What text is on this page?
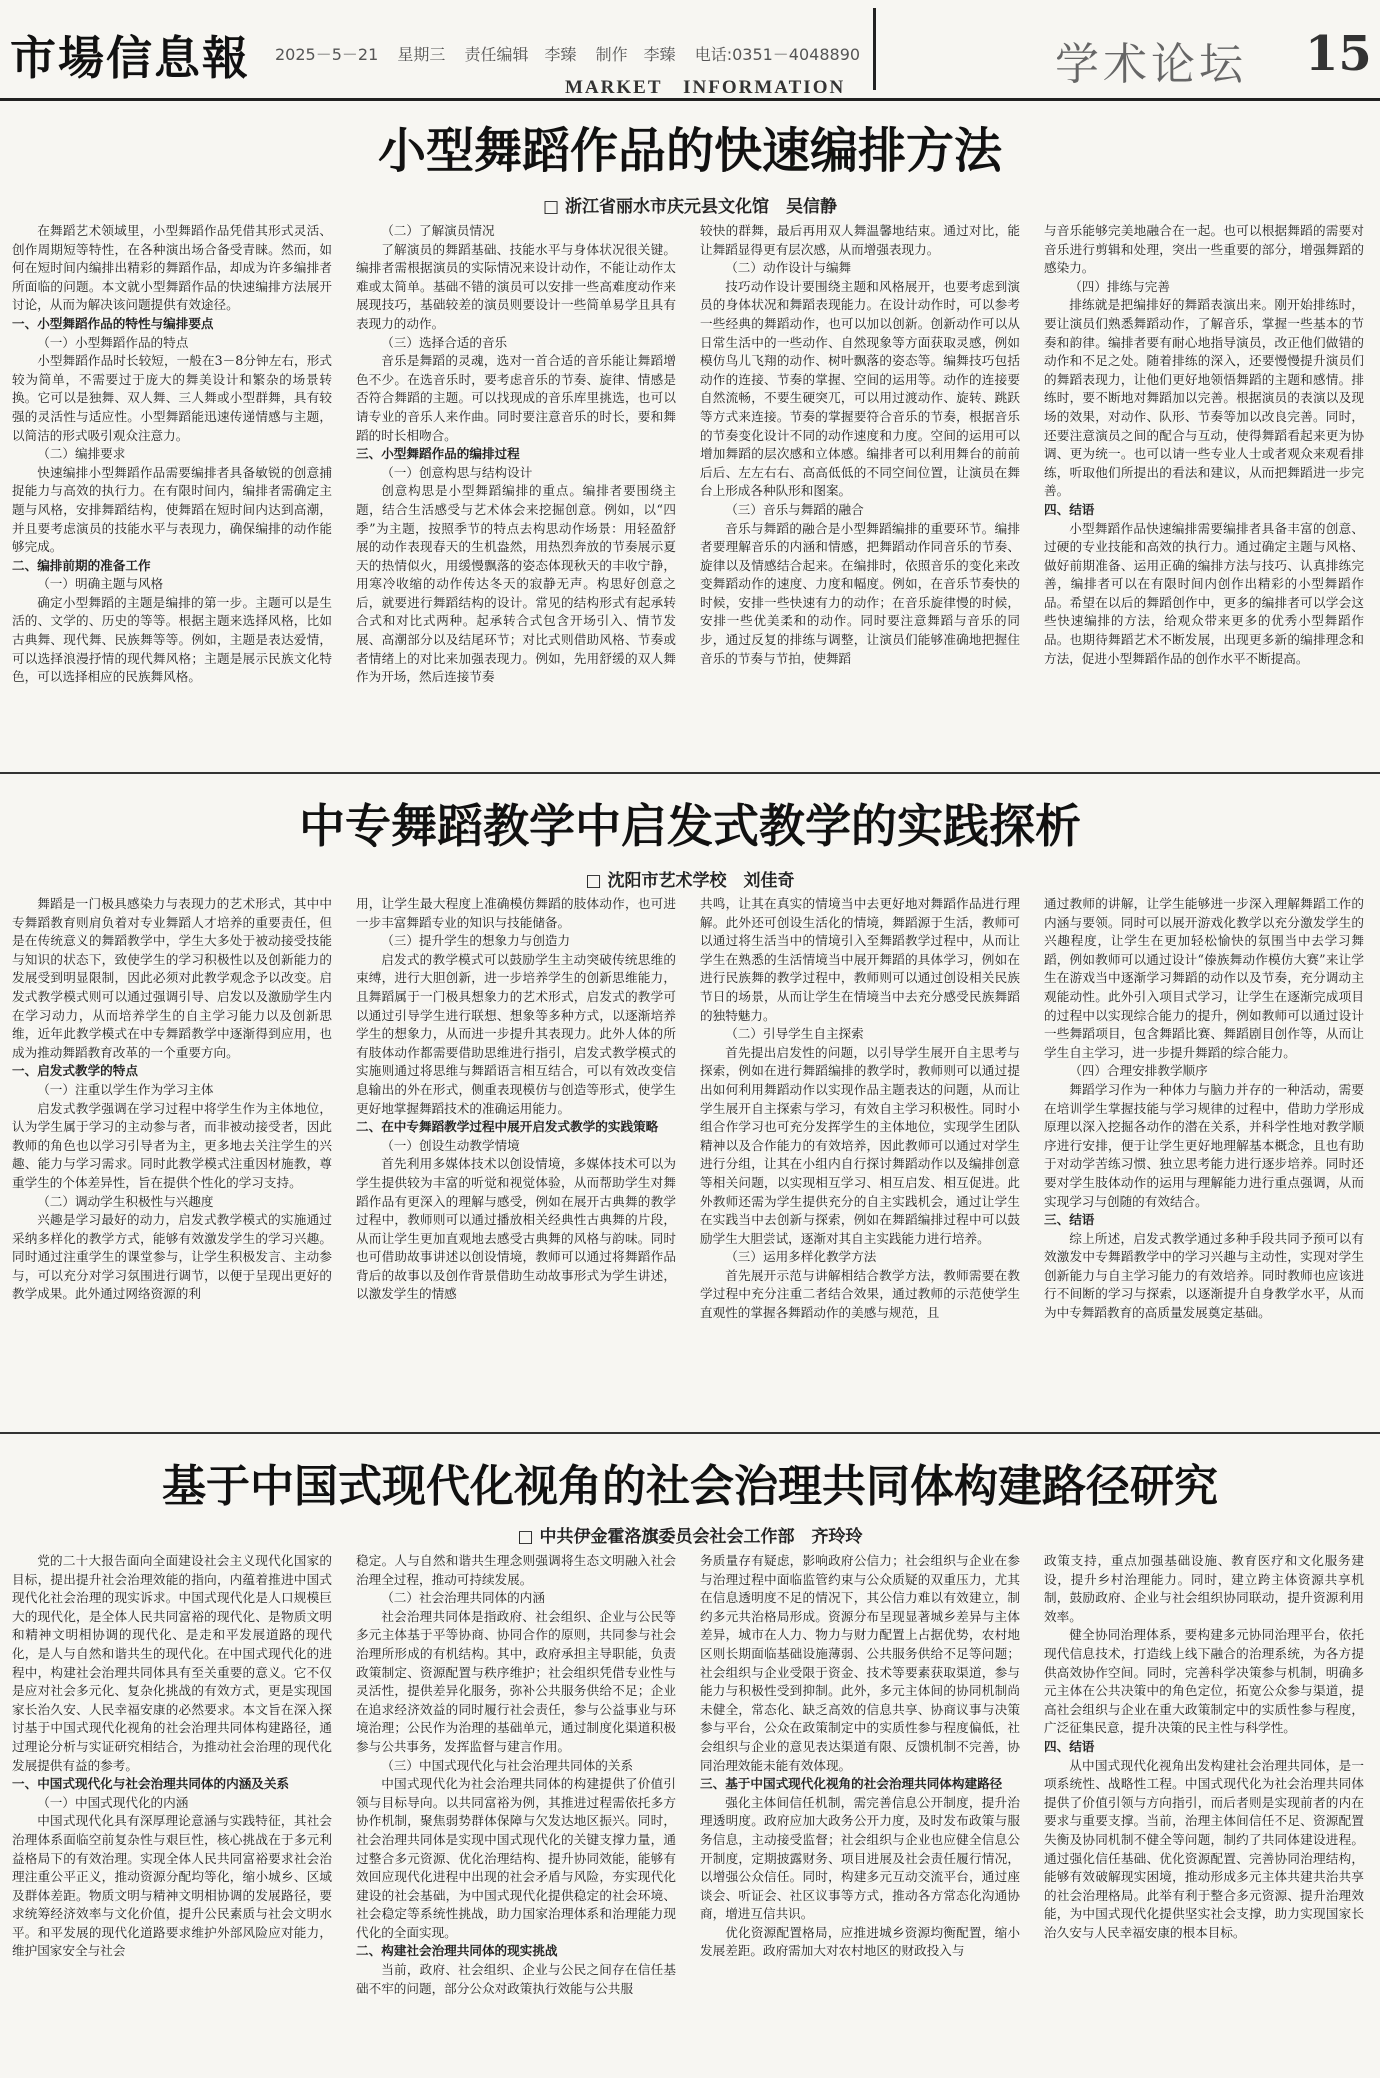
市場信息報 2025－5－21 星期三 责任编辑　李臻 制作　李臻 电话:0351－4048890
MARKET　INFORMATION	学术论坛 15
小型舞蹈作品的快速编排方法
□ 浙江省丽水市庆元县文化馆　吴信静

在舞蹈艺术领域里，小型舞蹈作品凭借其形式灵活、创作周期短等特性，在各种演出场合备受青睐。然而，如何在短时间内编排出精彩的舞蹈作品，却成为许多编排者所面临的问题。本文就小型舞蹈作品的快速编排方法展开讨论，从而为解决该问题提供有效途径。

一、小型舞蹈作品的特性与编排要点
（一）小型舞蹈作品的特点

小型舞蹈作品时长较短，一般在3－8分钟左右，形式较为简单，不需要过于庞大的舞美设计和繁杂的场景转换。它可以是独舞、双人舞、三人舞或小型群舞，具有较强的灵活性与适应性。小型舞蹈能迅速传递情感与主题，以简洁的形式吸引观众注意力。

（二）编排要求

快速编排小型舞蹈作品需要编排者具备敏锐的创意捕捉能力与高效的执行力。在有限时间内，编排者需确定主题与风格，安排舞蹈结构，使舞蹈在短时间内达到高潮，并且要考虑演员的技能水平与表现力，确保编排的动作能够完成。

二、编排前期的准备工作
（一）明确主题与风格

确定小型舞蹈的主题是编排的第一步。主题可以是生活的、文学的、历史的等等。根据主题来选择风格，比如古典舞、现代舞、民族舞等等。例如，主题是表达爱情，可以选择浪漫抒情的现代舞风格；主题是展示民族文化特色，可以选择相应的民族舞风格。

（二）了解演员情况

了解演员的舞蹈基础、技能水平与身体状况很关键。编排者需根据演员的实际情况来设计动作，不能让动作太难或太简单。基础不错的演员可以安排一些高难度动作来展现技巧，基础较差的演员则要设计一些简单易学且具有表现力的动作。

（三）选择合适的音乐

音乐是舞蹈的灵魂，选对一首合适的音乐能让舞蹈增色不少。在选音乐时，要考虑音乐的节奏、旋律、情感是否符合舞蹈的主题。可以找现成的音乐库里挑选，也可以请专业的音乐人来作曲。同时要注意音乐的时长，要和舞蹈的时长相吻合。

三、小型舞蹈作品的编排过程
（一）创意构思与结构设计

创意构思是小型舞蹈编排的重点。编排者要围绕主题，结合生活感受与艺术体会来挖掘创意。例如，以“四季”为主题，按照季节的特点去构思动作场景：用轻盈舒展的动作表现春天的生机盎然，用热烈奔放的节奏展示夏天的热情似火，用缓慢飘落的姿态体现秋天的丰收宁静，用寒冷收缩的动作传达冬天的寂静无声。构思好创意之后，就要进行舞蹈结构的设计。常见的结构形式有起承转合式和对比式两种。起承转合式包含开场引入、情节发展、高潮部分以及结尾环节；对比式则借助风格、节奏或者情绪上的对比来加强表现力。例如，先用舒缓的双人舞作为开场，然后连接节奏

较快的群舞，最后再用双人舞温馨地结束。通过对比，能让舞蹈显得更有层次感，从而增强表现力。

（二）动作设计与编舞

技巧动作设计要围绕主题和风格展开，也要考虑到演员的身体状况和舞蹈表现能力。在设计动作时，可以参考一些经典的舞蹈动作，也可以加以创新。创新动作可以从日常生活中的一些动作、自然现象等方面获取灵感，例如模仿鸟儿飞翔的动作、树叶飘落的姿态等。编舞技巧包括动作的连接、节奏的掌握、空间的运用等。动作的连接要自然流畅，不要生硬突兀，可以用过渡动作、旋转、跳跃等方式来连接。节奏的掌握要符合音乐的节奏，根据音乐的节奏变化设计不同的动作速度和力度。空间的运用可以增加舞蹈的层次感和立体感。编排者可以利用舞台的前前后后、左左右右、高高低低的不同空间位置，让演员在舞台上形成各种队形和图案。

（三）音乐与舞蹈的融合

音乐与舞蹈的融合是小型舞蹈编排的重要环节。编排者要理解音乐的内涵和情感，把舞蹈动作同音乐的节奏、旋律以及情感结合起来。在编排时，依照音乐的变化来改变舞蹈动作的速度、力度和幅度。例如，在音乐节奏快的时候，安排一些快速有力的动作；在音乐旋律慢的时候，安排一些优美柔和的动作。同时要注意舞蹈与音乐的同步，通过反复的排练与调整，让演员们能够准确地把握住音乐的节奏与节拍，使舞蹈

与音乐能够完美地融合在一起。也可以根据舞蹈的需要对音乐进行剪辑和处理，突出一些重要的部分，增强舞蹈的感染力。

（四）排练与完善

排练就是把编排好的舞蹈表演出来。刚开始排练时，要让演员们熟悉舞蹈动作，了解音乐，掌握一些基本的节奏和韵律。编排者要有耐心地指导演员，改正他们做错的动作和不足之处。随着排练的深入，还要慢慢提升演员们的舞蹈表现力，让他们更好地领悟舞蹈的主题和感情。排练时，要不断地对舞蹈加以完善。根据演员的表演以及现场的效果，对动作、队形、节奏等加以改良完善。同时，还要注意演员之间的配合与互动，使得舞蹈看起来更为协调、更为统一。也可以请一些专业人士或者观众来观看排练，听取他们所提出的看法和建议，从而把舞蹈进一步完善。

四、结语

小型舞蹈作品快速编排需要编排者具备丰富的创意、过硬的专业技能和高效的执行力。通过确定主题与风格、做好前期准备、运用正确的编排方法与技巧、认真排练完善，编排者可以在有限时间内创作出精彩的小型舞蹈作品。希望在以后的舞蹈创作中，更多的编排者可以学会这些快速编排的方法，给观众带来更多的优秀小型舞蹈作品。也期待舞蹈艺术不断发展，出现更多新的编排理念和方法，促进小型舞蹈作品的创作水平不断提高。

中专舞蹈教学中启发式教学的实践探析
□ 沈阳市艺术学校　刘佳奇

舞蹈是一门极具感染力与表现力的艺术形式，其中中专舞蹈教育则肩负着对专业舞蹈人才培养的重要责任，但是在传统意义的舞蹈教学中，学生大多处于被动接受技能与知识的状态下，致使学生的学习积极性以及创新能力的发展受到明显限制，因此必须对此教学观念予以改变。启发式教学模式则可以通过强调引导、启发以及激励学生内在学习动力，从而培养学生的自主学习能力以及创新思维，近年此教学模式在中专舞蹈教学中逐渐得到应用，也成为推动舞蹈教育改革的一个重要方向。

一、启发式教学的特点
（一）注重以学生作为学习主体

启发式教学强调在学习过程中将学生作为主体地位，认为学生属于学习的主动参与者，而非被动接受者，因此教师的角色也以学习引导者为主，更多地去关注学生的兴趣、能力与学习需求。同时此教学模式注重因材施教，尊重学生的个体差异性，旨在提供个性化的学习支持。

（二）调动学生积极性与兴趣度

兴趣是学习最好的动力，启发式教学模式的实施通过采纳多样化的教学方式，能够有效激发学生的学习兴趣。同时通过注重学生的课堂参与，让学生积极发言、主动参与，可以充分对学习氛围进行调节，以便于呈现出更好的教学成果。此外通过网络资源的利

用，让学生最大程度上准确模仿舞蹈的肢体动作，也可进一步丰富舞蹈专业的知识与技能储备。

（三）提升学生的想象力与创造力

启发式的教学模式可以鼓励学生主动突破传统思维的束缚，进行大胆创新，进一步培养学生的创新思维能力，且舞蹈属于一门极具想象力的艺术形式，启发式的教学可以通过引导学生进行联想、想象等多种方式，以逐渐培养学生的想象力，从而进一步提升其表现力。此外人体的所有肢体动作都需要借助思维进行指引，启发式教学模式的实施则通过将思维与舞蹈语言相互结合，可以有效改变信息输出的外在形式，侧重表现模仿与创造等形式，使学生更好地掌握舞蹈技术的准确运用能力。

二、在中专舞蹈教学过程中展开启发式教学的实践策略
（一）创设生动教学情境

首先利用多媒体技术以创设情境，多媒体技术可以为学生提供较为丰富的听觉和视觉体验，从而帮助学生对舞蹈作品有更深入的理解与感受，例如在展开古典舞的教学过程中，教师则可以通过播放相关经典性古典舞的片段，从而让学生更加直观地去感受古典舞的风格与韵味。同时也可借助故事讲述以创设情境，教师可以通过将舞蹈作品背后的故事以及创作背景借助生动故事形式为学生讲述，以激发学生的情感

共鸣，让其在真实的情境当中去更好地对舞蹈作品进行理解。此外还可创设生活化的情境，舞蹈源于生活，教师可以通过将生活当中的情境引入至舞蹈教学过程中，从而让学生在熟悉的生活情境当中展开舞蹈的具体学习，例如在进行民族舞的教学过程中，教师则可以通过创设相关民族节日的场景，从而让学生在情境当中去充分感受民族舞蹈的独特魅力。

（二）引导学生自主探索

首先提出启发性的问题，以引导学生展开自主思考与探索，例如在进行舞蹈编排的教学时，教师则可以通过提出如何利用舞蹈动作以实现作品主题表达的问题，从而让学生展开自主探索与学习，有效自主学习积极性。同时小组合作学习也可充分发挥学生的主体地位，实现学生团队精神以及合作能力的有效培养，因此教师可以通过对学生进行分组，让其在小组内自行探讨舞蹈动作以及编排创意等相关问题，以实现相互学习、相互启发、相互促进。此外教师还需为学生提供充分的自主实践机会，通过让学生在实践当中去创新与探索，例如在舞蹈编排过程中可以鼓励学生大胆尝试，逐渐对其自主实践能力进行培养。

（三）运用多样化教学方法

首先展开示范与讲解相结合教学方法，教师需要在教学过程中充分注重二者结合效果，通过教师的示范使学生直观性的掌握各舞蹈动作的美感与规范，且

通过教师的讲解，让学生能够进一步深入理解舞蹈工作的内涵与要领。同时可以展开游戏化教学以充分激发学生的兴趣程度，让学生在更加轻松愉快的氛围当中去学习舞蹈，例如教师可以通过设计“傣族舞动作模仿大赛”来让学生在游戏当中逐渐学习舞蹈的动作以及节奏，充分调动主观能动性。此外引入项目式学习，让学生在逐渐完成项目的过程中以实现综合能力的提升，例如教师可以通过设计一些舞蹈项目，包含舞蹈比赛、舞蹈剧目创作等，从而让学生自主学习，进一步提升舞蹈的综合能力。

（四）合理安排教学顺序

舞蹈学习作为一种体力与脑力并存的一种活动，需要在培训学生掌握技能与学习规律的过程中，借助力学形成原理以深入挖掘各动作的潜在关系，并科学性地对教学顺序进行安排，便于让学生更好地理解基本概念，且也有助于对动学苦练习惯、独立思考能力进行逐步培养。同时还要对学生肢体动作的运用与理解能力进行重点强调，从而实现学习与创随的有效结合。

三、结语

综上所述，启发式教学通过多种手段共同予预可以有效激发中专舞蹈教学中的学习兴趣与主动性，实现对学生创新能力与自主学习能力的有效培养。同时教师也应该进行不间断的学习与探索，以逐渐提升自身教学水平，从而为中专舞蹈教育的高质量发展奠定基础。

基于中国式现代化视角的社会治理共同体构建路径研究
□ 中共伊金霍洛旗委员会社会工作部　齐玲玲

党的二十大报告面向全面建设社会主义现代化国家的目标，提出提升社会治理效能的指向，内蕴着推进中国式现代化社会治理的现实诉求。中国式现代化是人口规模巨大的现代化，是全体人民共同富裕的现代化、是物质文明和精神文明相协调的现代化、是走和平发展道路的现代化，是人与自然和谐共生的现代化。在中国式现代化的进程中，构建社会治理共同体具有至关重要的意义。它不仅是应对社会多元化、复杂化挑战的有效方式，更是实现国家长治久安、人民幸福安康的必然要求。本文旨在深入探讨基于中国式现代化视角的社会治理共同体构建路径，通过理论分析与实证研究相结合，为推动社会治理的现代化发展提供有益的参考。

一、中国式现代化与社会治理共同体的内涵及关系
（一）中国式现代化的内涵

中国式现代化具有深厚理论意涵与实践特征，其社会治理体系面临空前复杂性与艰巨性，核心挑战在于多元利益格局下的有效治理。实现全体人民共同富裕要求社会治理注重公平正义，推动资源分配均等化，缩小城乡、区域及群体差距。物质文明与精神文明相协调的发展路径，要求统筹经济效率与文化价值，提升公民素质与社会文明水平。和平发展的现代化道路要求维护外部风险应对能力，维护国家安全与社会

稳定。人与自然和谐共生理念则强调将生态文明融入社会治理全过程，推动可持续发展。

（二）社会治理共同体的内涵

社会治理共同体是指政府、社会组织、企业与公民等多元主体基于平等协商、协同合作的原则，共同参与社会治理所形成的有机结构。其中，政府承担主导职能，负责政策制定、资源配置与秩序维护；社会组织凭借专业性与灵活性，提供差异化服务，弥补公共服务供给不足；企业在追求经济效益的同时履行社会责任，参与公益事业与环境治理；公民作为治理的基础单元，通过制度化渠道积极参与公共事务，发挥监督与建言作用。

（三）中国式现代化与社会治理共同体的关系

中国式现代化为社会治理共同体的构建提供了价值引领与目标导向。以共同富裕为例，其推进过程需依托多方协作机制，聚焦弱势群体保障与欠发达地区振兴。同时，社会治理共同体是实现中国式现代化的关键支撑力量，通过整合多元资源、优化治理结构、提升协同效能，能够有效回应现代化进程中出现的社会矛盾与风险，夯实现代化建设的社会基础，为中国式现代化提供稳定的社会环境、社会稳定等系统性挑战，助力国家治理体系和治理能力现代化的全面实现。

二、构建社会治理共同体的现实挑战

当前，政府、社会组织、企业与公民之间存在信任基础不牢的问题，部分公众对政策执行效能与公共服

务质量存有疑虑，影响政府公信力；社会组织与企业在参与治理过程中面临监管约束与公众质疑的双重压力，尤其在信息透明度不足的情况下，其公信力难以有效建立，制约多元共治格局形成。资源分布呈现显著城乡差异与主体差异，城市在人力、物力与财力配置上占据优势，农村地区则长期面临基础设施薄弱、公共服务供给不足等问题；社会组织与企业受限于资金、技术等要素获取渠道，参与能力与积极性受到抑制。此外，多元主体间的协同机制尚未健全，常态化、缺乏高效的信息共享、协商议事与决策参与平台，公众在政策制定中的实质性参与程度偏低，社会组织与企业的意见表达渠道有限、反馈机制不完善，协同治理效能未能有效体现。

三、基于中国式现代化视角的社会治理共同体构建路径

强化主体间信任机制，需完善信息公开制度，提升治理透明度。政府应加大政务公开力度，及时发布政策与服务信息，主动接受监督；社会组织与企业也应健全信息公开制度，定期披露财务、项目进展及社会责任履行情况，以增强公众信任。同时，构建多元互动交流平台，通过座谈会、听证会、社区议事等方式，推动各方常态化沟通协商，增进互信共识。

优化资源配置格局，应推进城乡资源均衡配置，缩小发展差距。政府需加大对农村地区的财政投入与

政策支持，重点加强基础设施、教育医疗和文化服务建设，提升乡村治理能力。同时，建立跨主体资源共享机制，鼓励政府、企业与社会组织协同联动，提升资源利用效率。

健全协同治理体系，要构建多元协同治理平台，依托现代信息技术，打造线上线下融合的治理系统，为各方提供高效协作空间。同时，完善科学决策参与机制，明确多元主体在公共决策中的角色定位，拓宽公众参与渠道，提高社会组织与企业在重大政策制定中的实质性参与程度，广泛征集民意，提升决策的民主性与科学性。

四、结语

从中国式现代化视角出发构建社会治理共同体，是一项系统性、战略性工程。中国式现代化为社会治理共同体提供了价值引领与方向指引，而后者则是实现前者的内在要求与重要支撑。当前，治理主体间信任不足、资源配置失衡及协同机制不健全等问题，制约了共同体建设进程。通过强化信任基础、优化资源配置、完善协同治理结构，能够有效破解现实困境，推动形成多元主体共建共治共享的社会治理格局。此举有利于整合多元资源、提升治理效能，为中国式现代化提供坚实社会支撑，助力实现国家长治久安与人民幸福安康的根本目标。
